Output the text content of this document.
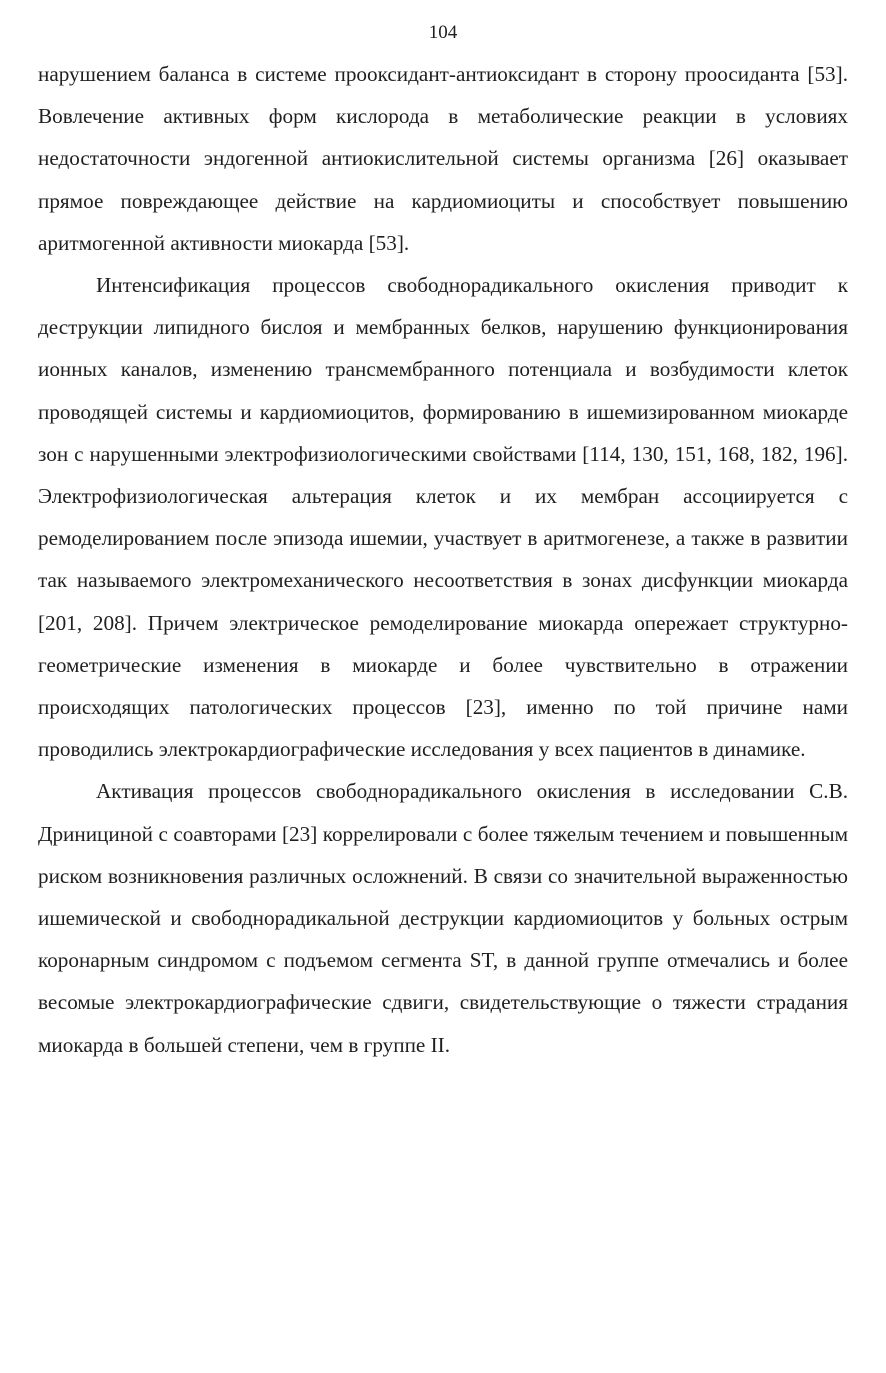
104

нарушением баланса в системе прооксидант-антиоксидант в сторону проосиданта [53]. Вовлечение активных форм кислорода в метаболические реакции в условиях недостаточности эндогенной антиокислительной системы организма [26] оказывает прямое повреждающее действие на кардиомиоциты и способствует повышению аритмогенной активности миокарда [53].

Интенсификация процессов свободнорадикального окисления приводит к деструкции липидного бислоя и мембранных белков, нарушению функционирования ионных каналов, изменению трансмембранного потенциала и возбудимости клеток проводящей системы и кардиомиоцитов, формированию в ишемизированном миокарде зон с нарушенными электрофизиологическими свойствами [114, 130, 151, 168, 182, 196]. Электрофизиологическая альтерация клеток и их мембран ассоциируется с ремоделированием после эпизода ишемии, участвует в аритмогенезе, а также в развитии так называемого электромеханического несоответствия в зонах дисфункции миокарда [201, 208]. Причем электрическое ремоделирование миокарда опережает структурно-геометрические изменения в миокарде и более чувствительно в отражении происходящих патологических процессов [23], именно по той причине нами проводились электрокардиографические исследования у всех пациентов в динамике.

Активация процессов свободнорадикального окисления в исследовании С.В. Дриницинoй с соавторами [23] коррелировали с более тяжелым течением и повышенным риском возникновения различных осложнений. В связи со значительной выраженностью ишемической и свободнорадикальной деструкции кардиомиоцитов у больных острым коронарным синдромом с подъемом сегмента ST, в данной группе отмечались и более весомые электрокардиографические сдвиги, свидетельствующие о тяжести страдания миокарда в большей степени, чем в группе II.
